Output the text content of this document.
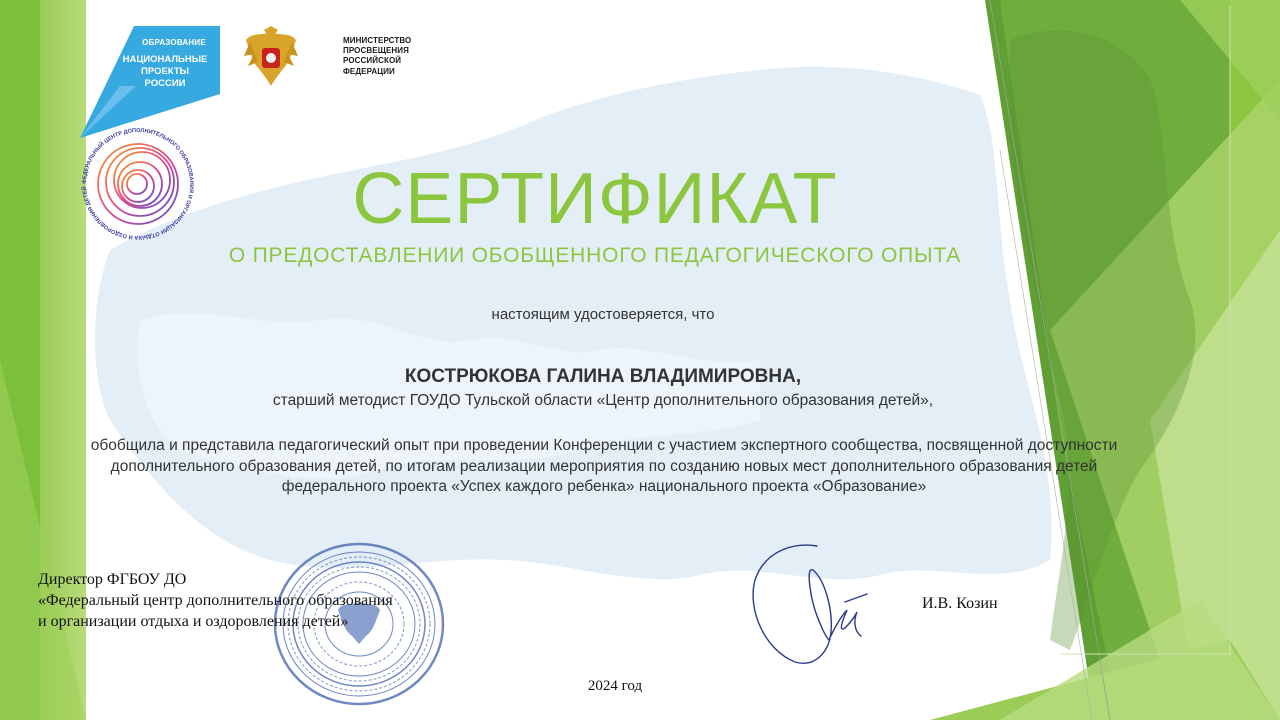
ОБРАЗОВАНИЕ
НАЦИОНАЛЬНЫЕ
ПРОЕКТЫ
РОССИИ
МИНИСТЕРСТВО
ПРОСВЕЩЕНИЯ
РОССИЙСКОЙ
ФЕДЕРАЦИИ
ФЕДЕРАЛЬНЫЙ ЦЕНТР ДОПОЛНИТЕЛЬНОГО ОБРАЗОВАНИЯ И ОРГАНИЗАЦИИ ОТДЫХА И ОЗДОРОВЛЕНИЯ ДЕТЕЙ	СЕРТИФИКАТ
О ПРЕДОСТАВЛЕНИИ ОБОБЩЕННОГО ПЕДАГОГИЧЕСКОГО ОПЫТА
настоящим удостоверяется, что
КОСТРЮКОВА ГАЛИНА ВЛАДИМИРОВНА,
старший методист ГОУДО Тульской области «Центр дополнительного образования детей»,
обобщила и представила педагогический опыт при проведении Конференции с участием экспертного сообщества, посвященной доступности
дополнительного образования детей, по итогам реализации мероприятия по созданию новых мест дополнительного образования детей
федерального проекта «Успех каждого ребенка» национального проекта «Образование»
Директор ФГБОУ ДО
«Федеральный центр дополнительного образования
и организации отдыха и оздоровления детей»
И.В. Козин
2024 год
